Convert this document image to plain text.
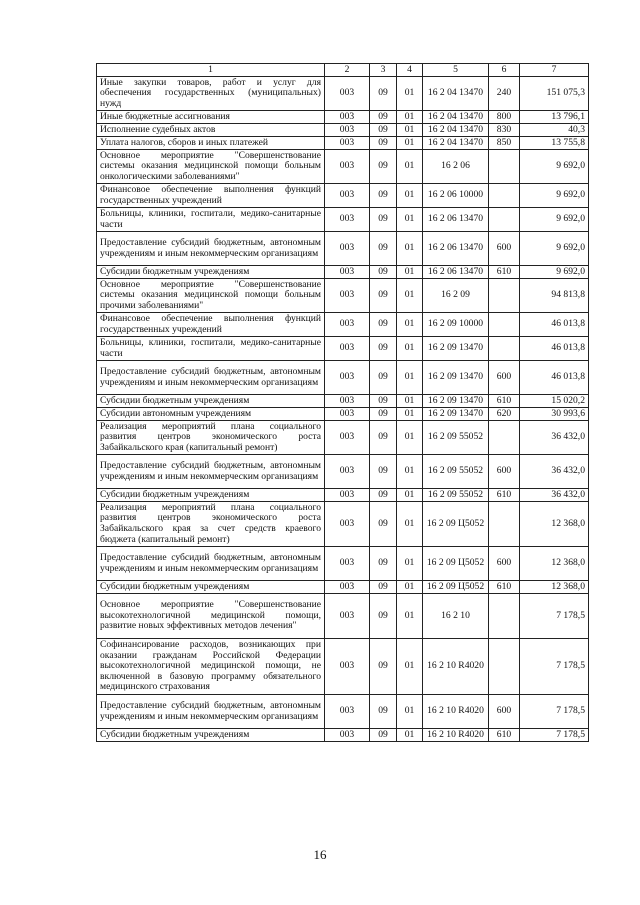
1	2	3	4	5	6	7
Иные закупки товаров, работ и услуг для обеспечения государственных (муниципальных) нужд	003	09	01	16 2 04 13470	240	151 075,3
Иные бюджетные ассигнования	003	09	01	16 2 04 13470	800	13 796,1
Исполнение судебных актов	003	09	01	16 2 04 13470	830	40,3
Уплата налогов, сборов и иных платежей	003	09	01	16 2 04 13470	850	13 755,8
Основное мероприятие "Совершенствование системы оказания медицинской помощи больным онкологическими заболеваниями"	003	09	01	16 2 06		9 692,0
Финансовое обеспечение выполнения функций государственных учреждений	003	09	01	16 2 06 10000		9 692,0
Больницы, клиники, госпитали, медико-санитарные части	003	09	01	16 2 06 13470		9 692,0
Предоставление субсидий бюджетным, автономным учреждениям и иным некоммерческим организациям	003	09	01	16 2 06 13470	600	9 692,0
Субсидии бюджетным учреждениям	003	09	01	16 2 06 13470	610	9 692,0
Основное мероприятие "Совершенствование системы оказания медицинской помощи больным прочими заболеваниями"	003	09	01	16 2 09		94 813,8
Финансовое обеспечение выполнения функций государственных учреждений	003	09	01	16 2 09 10000		46 013,8
Больницы, клиники, госпитали, медико-санитарные части	003	09	01	16 2 09 13470		46 013,8
Предоставление субсидий бюджетным, автономным учреждениям и иным некоммерческим организациям	003	09	01	16 2 09 13470	600	46 013,8
Субсидии бюджетным учреждениям	003	09	01	16 2 09 13470	610	15 020,2
Субсидии автономным учреждениям	003	09	01	16 2 09 13470	620	30 993,6
Реализация мероприятий плана социального развития центров экономического роста Забайкальского края (капитальный ремонт)	003	09	01	16 2 09 55052		36 432,0
Предоставление субсидий бюджетным, автономным учреждениям и иным некоммерческим организациям	003	09	01	16 2 09 55052	600	36 432,0
Субсидии бюджетным учреждениям	003	09	01	16 2 09 55052	610	36 432,0
Реализация мероприятий плана социального развития центров экономического роста Забайкальского края за счет средств краевого бюджета (капитальный ремонт)	003	09	01	16 2 09 Ц5052		12 368,0
Предоставление субсидий бюджетным, автономным учреждениям и иным некоммерческим организациям	003	09	01	16 2 09 Ц5052	600	12 368,0
Субсидии бюджетным учреждениям	003	09	01	16 2 09 Ц5052	610	12 368,0
Основное мероприятие "Совершенствование высокотехнологичной медицинской помощи, развитие новых эффективных методов лечения"	003	09	01	16 2 10		7 178,5
Софинансирование расходов, возникающих при оказании гражданам Российской Федерации высокотехнологичной медицинской помощи, не включенной в базовую программу обязательного медицинского страхования	003	09	01	16 2 10 R4020		7 178,5
Предоставление субсидий бюджетным, автономным учреждениям и иным некоммерческим организациям	003	09	01	16 2 10 R4020	600	7 178,5
Субсидии бюджетным учреждениям	003	09	01	16 2 10 R4020	610	7 178,5
16
